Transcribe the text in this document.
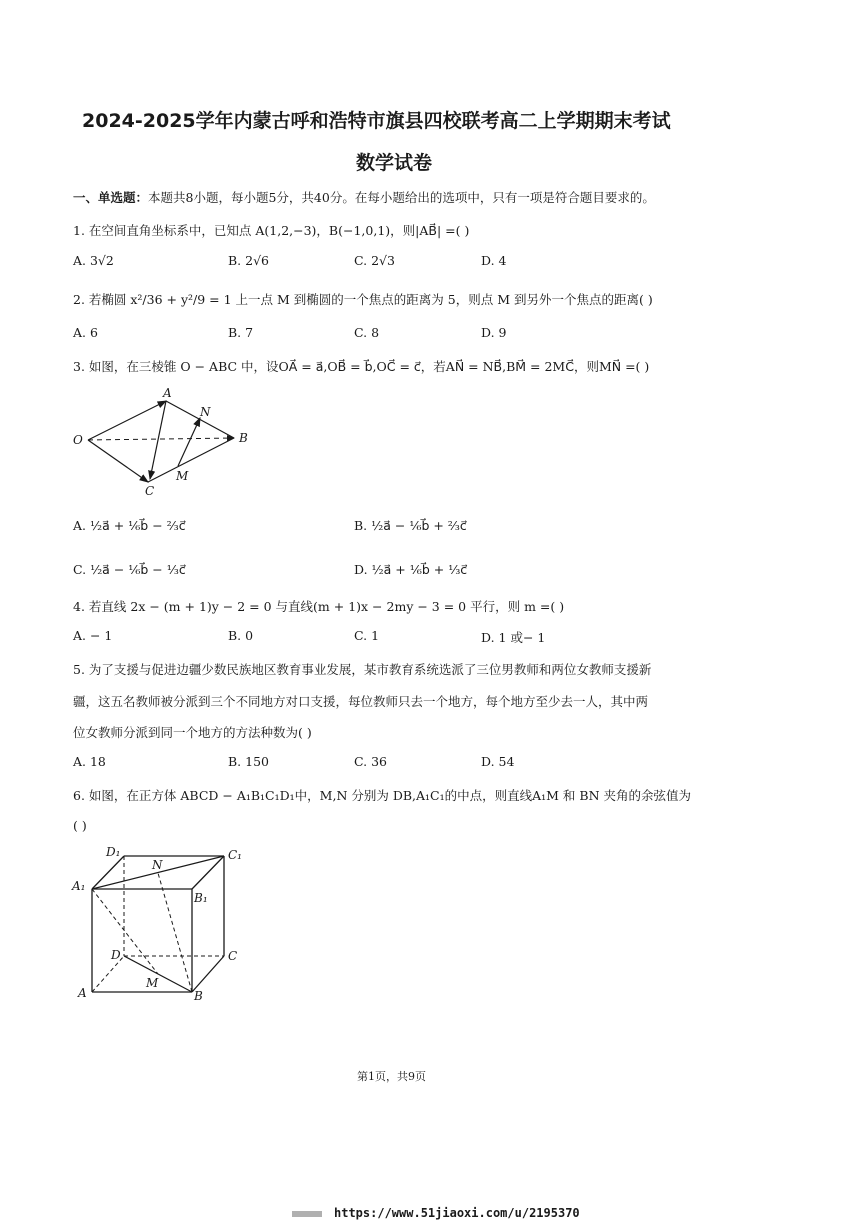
2024-2025学年内蒙古呼和浩特市旗县四校联考高二上学期期末考试
数学试卷
一、单选题：本题共8小题，每小题5分，共40分。在每小题给出的选项中，只有一项是符合题目要求的。
1. 在空间直角坐标系中，已知点 A(1,2,−3)，B(−1,0,1)，则|AB⃗| =( )
A. 3√2	B. 2√6	C. 2√3	D. 4
2. 若椭圆 x²/36 + y²/9 = 1 上一点 M 到椭圆的一个焦点的距离为 5，则点 M 到另外一个焦点的距离( )
A. 6	B. 7	C. 8	D. 9
3. 如图，在三棱锥 O − ABC 中，设OA⃗ = a⃗,OB⃗ = b⃗,OC⃗ = c⃗，若AN⃗ = NB⃗,BM⃗ = 2MC⃗，则MN⃗ =( )
O
A
N
B
M
C
A. ½a⃗ + ⅙b⃗ − ⅔c⃗	B. ½a⃗ − ⅙b⃗ + ⅔c⃗
C. ½a⃗ − ⅙b⃗ − ⅓c⃗	D. ½a⃗ + ⅙b⃗ + ⅓c⃗
4. 若直线 2x − (m + 1)y − 2 = 0 与直线(m + 1)x − 2my − 3 = 0 平行，则 m =( )
A. − 1	B. 0	C. 1	D. 1 或− 1
5. 为了支援与促进边疆少数民族地区教育事业发展，某市教育系统选派了三位男教师和两位女教师支援新
疆，这五名教师被分派到三个不同地方对口支援，每位教师只去一个地方，每个地方至少去一人，其中两
位女教师分派到同一个地方的方法种数为( )
A. 18	B. 150	C. 36	D. 54
6. 如图，在正方体 ABCD − A₁B₁C₁D₁中，M,N 分别为 DB,A₁C₁的中点，则直线A₁M 和 BN 夹角的余弦值为
( )
D₁
N
C₁
A₁
B₁
D	C
M
A	B
第1页，共9页
https://www.51jiaoxi.com/u/2195370
